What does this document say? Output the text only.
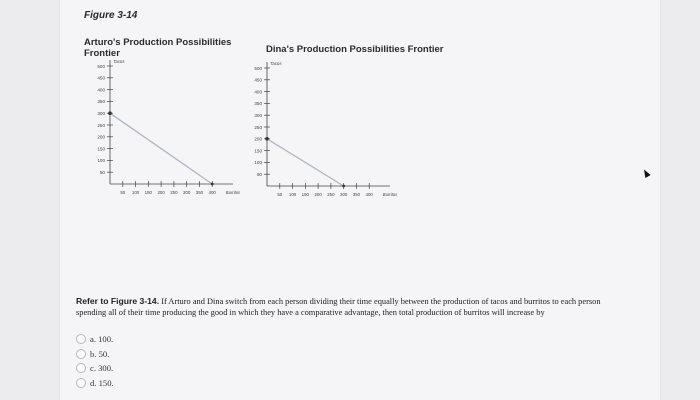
Figure 3-14
Arturo's Production Possibilities Frontier	Dina's Production Possibilities Frontier
50
100
150
200
250
300
350
400
450
500
50 100 150 200 250 300 350 400
Tacos
Burritos
50
100
150
200
250
300
350
400
450
500
50 100 150 200 250 300 350 400
Tacos
Burritos
Refer to Figure 3-14. If Arturo and Dina switch from each person dividing their time equally between the production of tacos and burritos to each person spending all of their time producing the good in which they have a comparative advantage, then total production of burritos will increase by
a. 100.
b. 50.
c. 300.
d. 150.
